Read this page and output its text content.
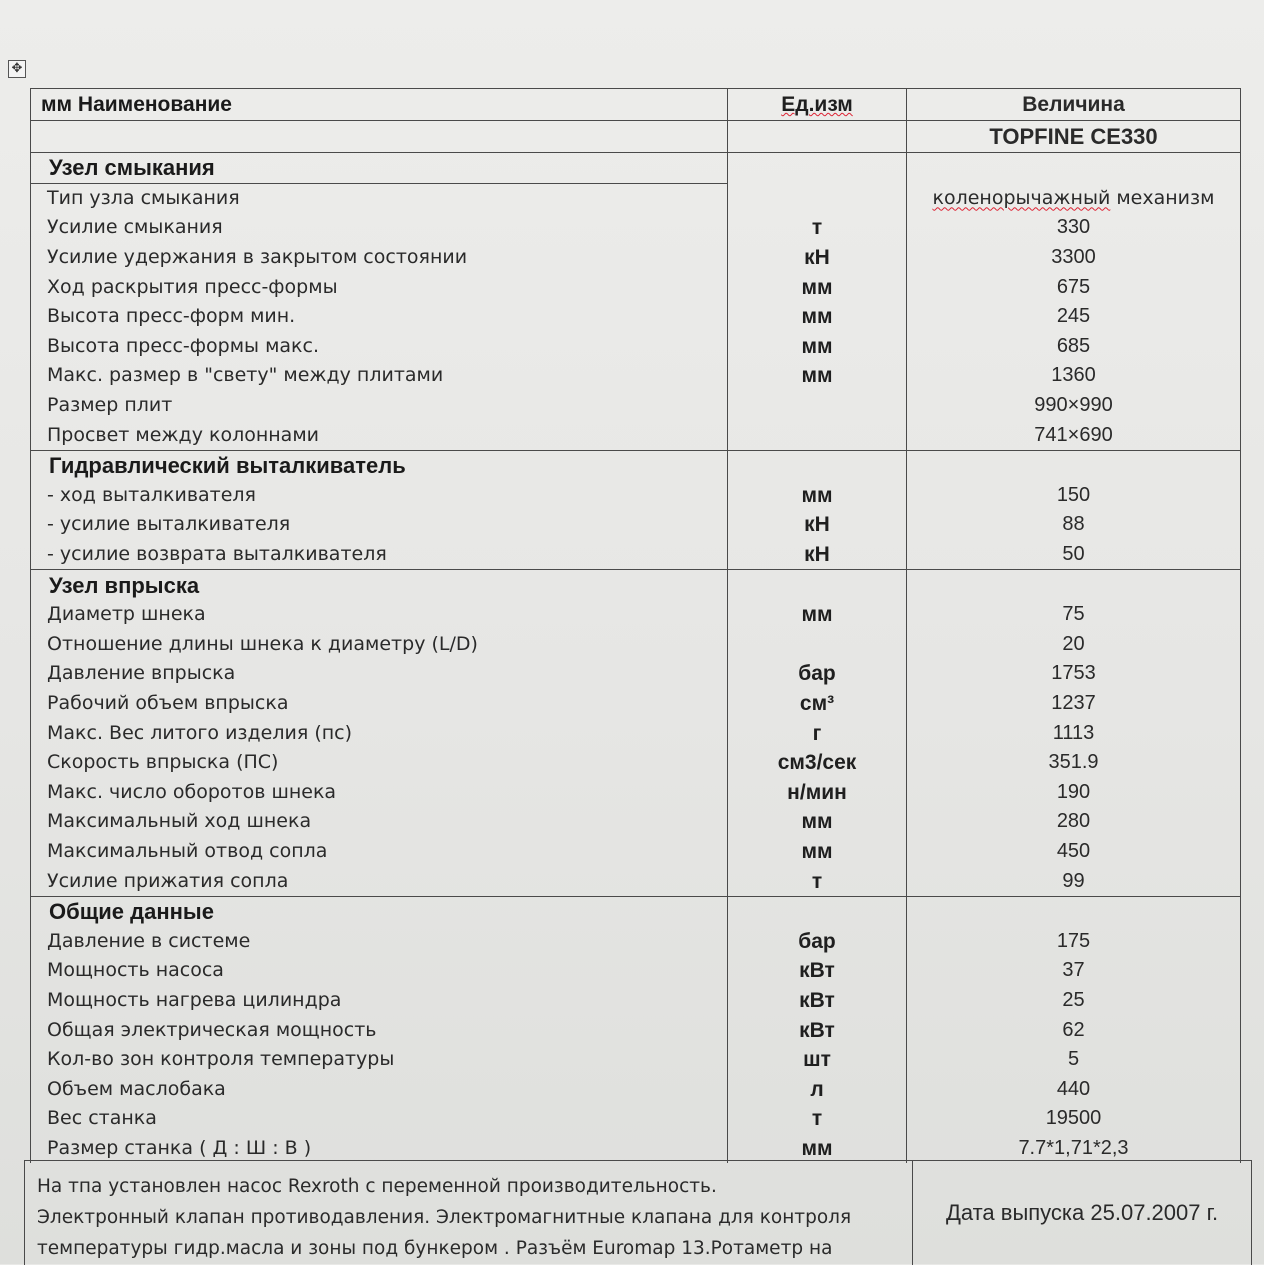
✥
мм Наименование	Ед.изм	Величина
		TOPFINE CE330
Узел смыкания		
Тип узла смыкания		коленорычажный механизм
Усилие смыкания	т	330
Усилие удержания в закрытом состоянии	кН	3300
Ход раскрытия пресс-формы	мм	675
Высота пресс-форм мин.	мм	245
Высота пресс-формы макс.	мм	685
Макс. размер в "свету" между плитами	мм	1360
Размер плит		990×990
Просвет между колоннами		741×690
Гидравлический выталкиватель		
- ход выталкивателя	мм	150
- усилие выталкивателя	кН	88
- усилие возврата выталкивателя	кН	50
Узел впрыска		
Диаметр шнека	мм	75
Отношение длины шнека к диаметру (L/D)		20
Давление впрыска	бар	1753
Рабочий объем впрыска	см³	1237
Макс. Вес литого изделия (пс)	г	1113
Скорость впрыска (ПС)	см3/сек	351.9
Макс. число оборотов шнека	н/мин	190
Максимальный ход шнека	мм	280
Максимальный отвод сопла	мм	450
Усилие прижатия сопла	т	99
Общие данные		
Давление в системе	бар	175
Мощность насоса	кВт	37
Мощность нагрева цилиндра	кВт	25
Общая электрическая мощность	кВт	62
Кол-во зон контроля температуры	шт	5
Объем маслобака	л	440
Вес станка	т	19500
Размер станка ( Д : Ш : В )	мм	7.7*1,71*2,3
На тпа установлен насос Rexroth с переменной производительность.
Электронный клапан противодавления. Электромагнитные клапана для контроля
температуры гидр.масла и зоны под бункером . Разъём Euromap 13.Ротаметр на
Дата выпуска 25.07.2007 г.
